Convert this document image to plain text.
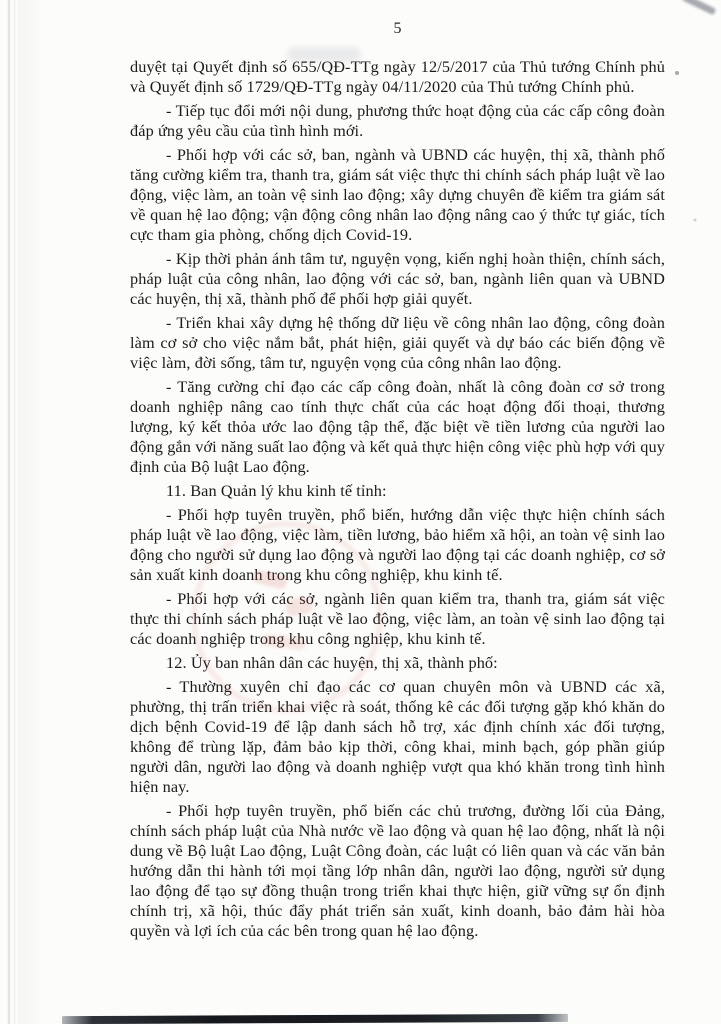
5

duyệt tại Quyết định số 655/QĐ-TTg ngày 12/5/2017 của Thủ tướng Chính phủ và Quyết định số 1729/QĐ-TTg ngày 04/11/2020 của Thủ tướng Chính phủ.

- Tiếp tục đổi mới nội dung, phương thức hoạt động của các cấp công đoàn đáp ứng yêu cầu của tình hình mới.

- Phối hợp với các sở, ban, ngành và UBND các huyện, thị xã, thành phố tăng cường kiểm tra, thanh tra, giám sát việc thực thi chính sách pháp luật về lao động, việc làm, an toàn vệ sinh lao động; xây dựng chuyên đề kiểm tra giám sát về quan hệ lao động; vận động công nhân lao động nâng cao ý thức tự giác, tích cực tham gia phòng, chống dịch Covid-19.

- Kịp thời phản ánh tâm tư, nguyện vọng, kiến nghị hoàn thiện, chính sách, pháp luật của công nhân, lao động với các sở, ban, ngành liên quan và UBND các huyện, thị xã, thành phố để phối hợp giải quyết.

- Triển khai xây dựng hệ thống dữ liệu về công nhân lao động, công đoàn làm cơ sở cho việc nắm bắt, phát hiện, giải quyết và dự báo các biến động về việc làm, đời sống, tâm tư, nguyện vọng của công nhân lao động.

- Tăng cường chỉ đạo các cấp công đoàn, nhất là công đoàn cơ sở trong doanh nghiệp nâng cao tính thực chất của các hoạt động đối thoại, thương lượng, ký kết thỏa ước lao động tập thể, đặc biệt về tiền lương của người lao động gắn với năng suất lao động và kết quả thực hiện công việc phù hợp với quy định của Bộ luật Lao động.

11. Ban Quản lý khu kinh tế tỉnh:

- Phối hợp tuyên truyền, phổ biến, hướng dẫn việc thực hiện chính sách pháp luật về lao động, việc làm, tiền lương, bảo hiểm xã hội, an toàn vệ sinh lao động cho người sử dụng lao động và người lao động tại các doanh nghiệp, cơ sở sản xuất kinh doanh trong khu công nghiệp, khu kinh tế.

- Phối hợp với các sở, ngành liên quan kiểm tra, thanh tra, giám sát việc thực thi chính sách pháp luật về lao động, việc làm, an toàn vệ sinh lao động tại các doanh nghiệp trong khu công nghiệp, khu kinh tế.

12. Ủy ban nhân dân các huyện, thị xã, thành phố:

- Thường xuyên chỉ đạo các cơ quan chuyên môn và UBND các xã, phường, thị trấn triển khai việc rà soát, thống kê các đối tượng gặp khó khăn do dịch bệnh Covid-19 để lập danh sách hỗ trợ, xác định chính xác đối tượng, không để trùng lặp, đảm bảo kịp thời, công khai, minh bạch, góp phần giúp người dân, người lao động và doanh nghiệp vượt qua khó khăn trong tình hình hiện nay.

- Phối hợp tuyên truyền, phổ biến các chủ trương, đường lối của Đảng, chính sách pháp luật của Nhà nước về lao động và quan hệ lao động, nhất là nội dung về Bộ luật Lao động, Luật Công đoàn, các luật có liên quan và các văn bản hướng dẫn thi hành tới mọi tầng lớp nhân dân, người lao động, người sử dụng lao động để tạo sự đồng thuận trong triển khai thực hiện, giữ vững sự ổn định chính trị, xã hội, thúc đẩy phát triển sản xuất, kinh doanh, bảo đảm hài hòa quyền và lợi ích của các bên trong quan hệ lao động.
